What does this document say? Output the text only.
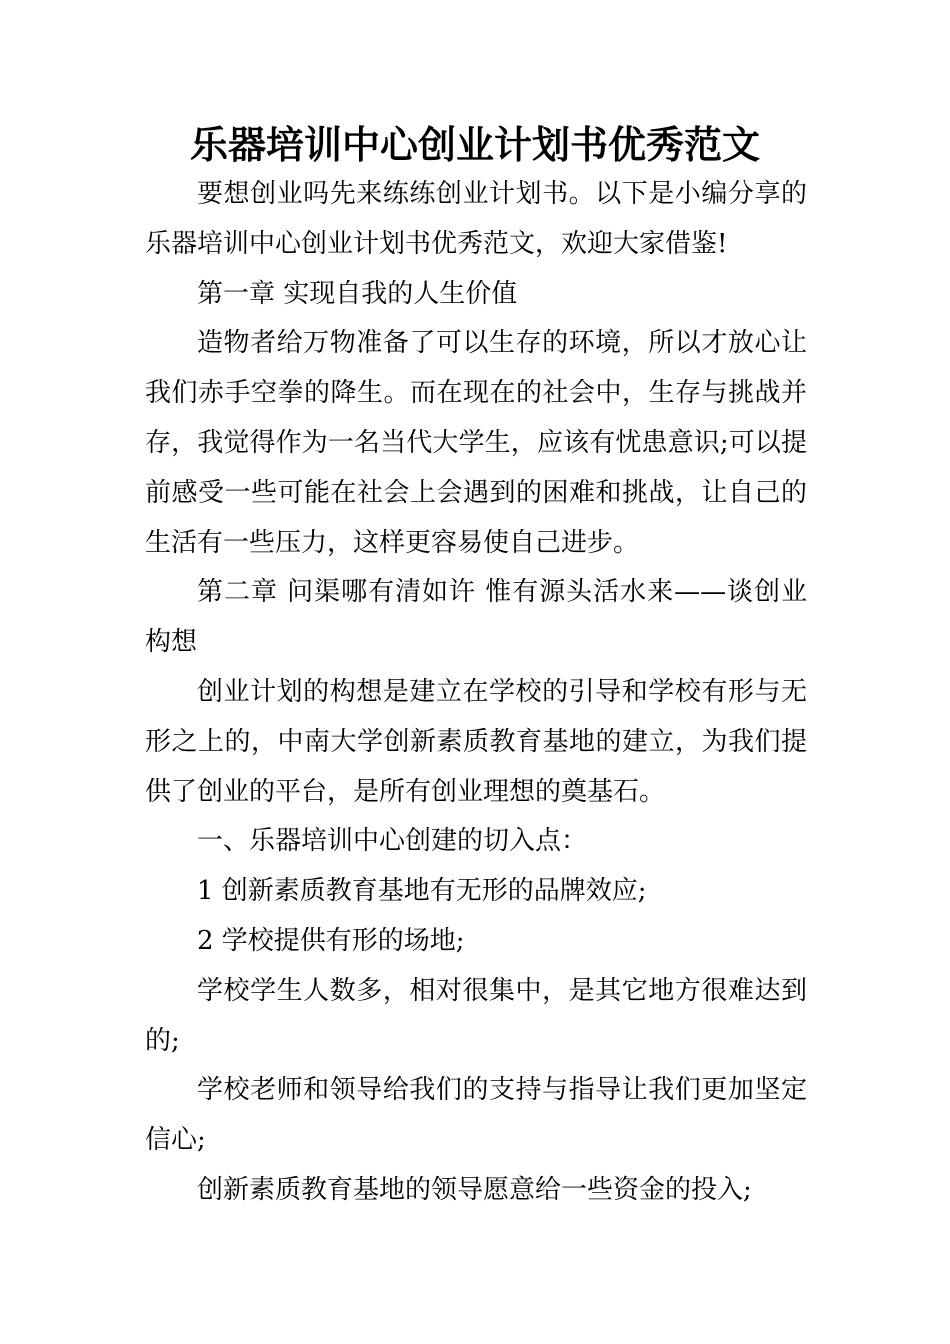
乐器培训中心创业计划书优秀范文
要想创业吗先来练练创业计划书。以下是小编分享的
乐器培训中心创业计划书优秀范文，欢迎大家借鉴!
第一章 实现自我的人生价值
造物者给万物准备了可以生存的环境，所以才放心让
我们赤手空拳的降生。而在现在的社会中，生存与挑战并
存，我觉得作为一名当代大学生，应该有忧患意识;可以提
前感受一些可能在社会上会遇到的困难和挑战，让自己的
生活有一些压力，这样更容易使自己进步。
第二章 问渠哪有清如许 惟有源头活水来——谈创业
构想
创业计划的构想是建立在学校的引导和学校有形与无
形之上的，中南大学创新素质教育基地的建立，为我们提
供了创业的平台，是所有创业理想的奠基石。
一、乐器培训中心创建的切入点：
1 创新素质教育基地有无形的品牌效应;
2 学校提供有形的场地;
学校学生人数多，相对很集中，是其它地方很难达到
的;
学校老师和领导给我们的支持与指导让我们更加坚定
信心;
创新素质教育基地的领导愿意给一些资金的投入;
